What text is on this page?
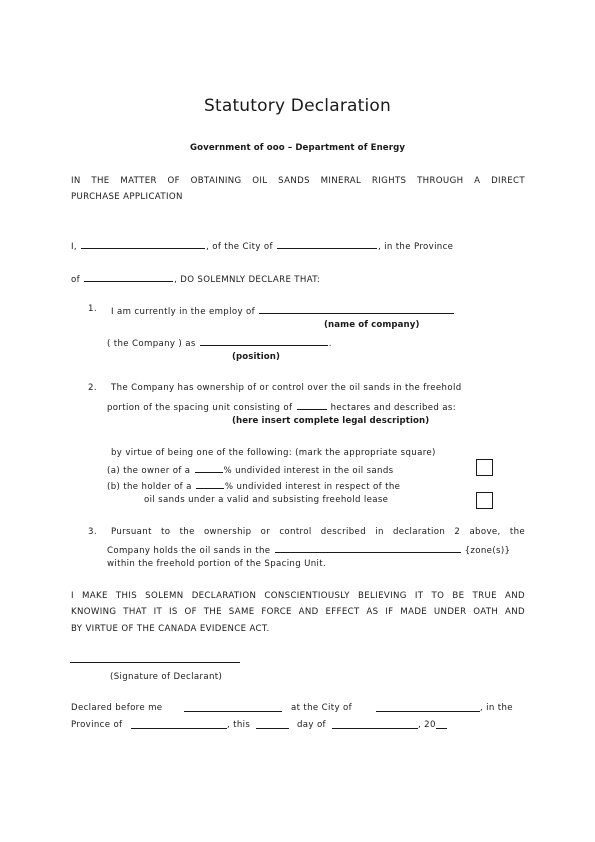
Statutory Declaration
Government of ooo – Department of Energy
IN THE MATTER OF OBTAINING OIL SANDS MINERAL RIGHTS THROUGH A DIRECT
PURCHASE APPLICATION
I,	, of the City of	, in the Province
of	, DO SOLEMNLY DECLARE THAT:
1. I am currently in the employ of
(name of company)
( the Company ) as	.
(position)
2. The Company has ownership of or control over the oil sands in the freehold
portion of the spacing unit consisting of	hectares and described as:
(here insert complete legal description)
by virtue of being one of the following: (mark the appropriate square)
(a) the owner of a	% undivided interest in the oil sands
(b) the holder of a	% undivided interest in respect of the
oil sands under a valid and subsisting freehold lease
3. Pursuant to the ownership or control described in declaration 2 above, the
Company holds the oil sands in the	{zone(s)}
within the freehold portion of the Spacing Unit.
I MAKE THIS SOLEMN DECLARATION CONSCIENTIOUSLY BELIEVING IT TO BE TRUE AND
KNOWING THAT IT IS OF THE SAME FORCE AND EFFECT AS IF MADE UNDER OATH AND
BY VIRTUE OF THE CANADA EVIDENCE ACT.
(Signature of Declarant)
Declared before me	at the City of	, in the
Province of	, this	day of	, 20
